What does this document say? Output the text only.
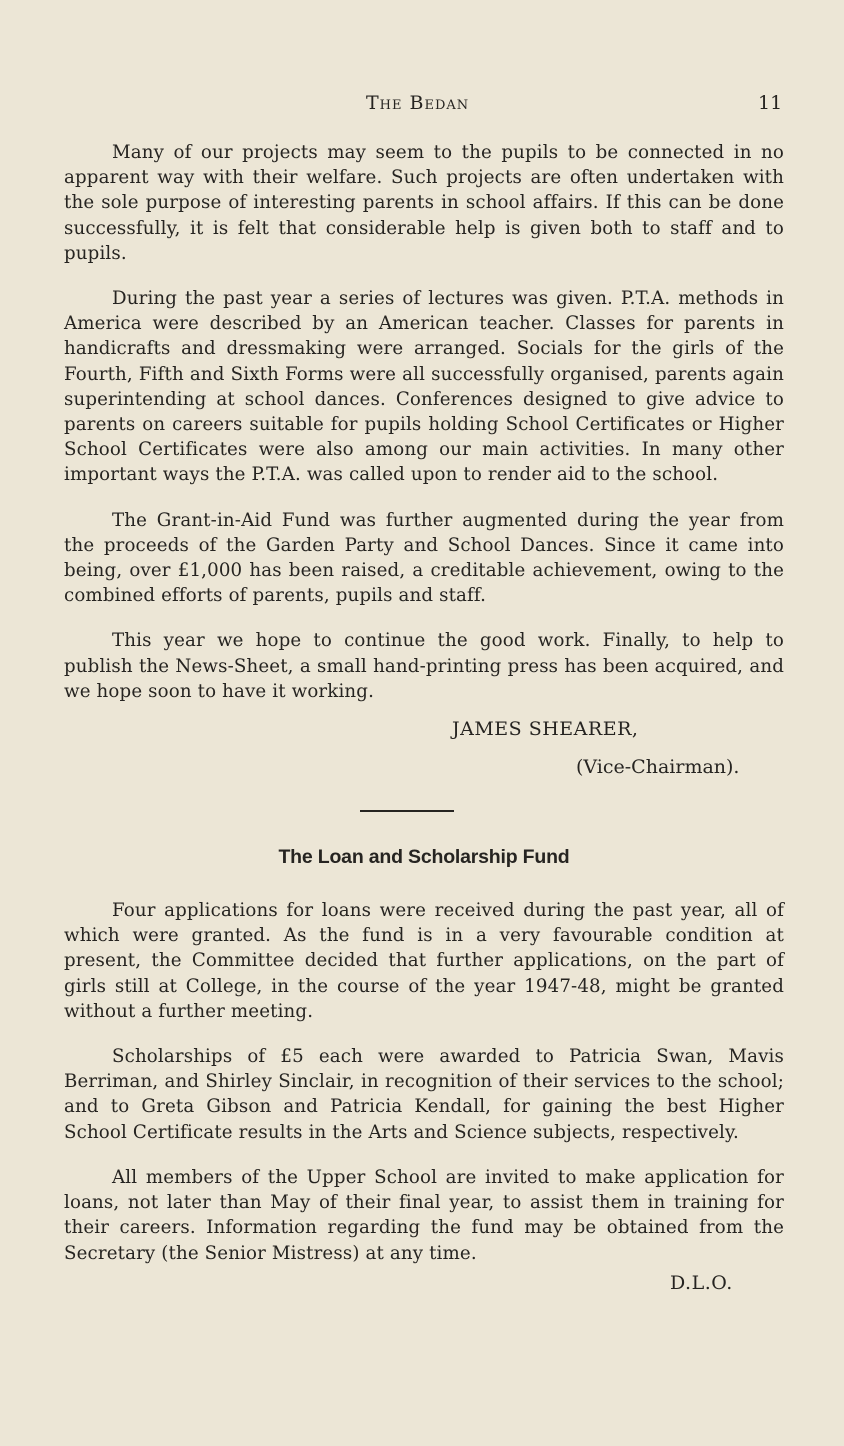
The Bedan	11

Many of our projects may seem to the pupils to be connected in no apparent way with their welfare. Such projects are often undertaken with the sole purpose of interesting parents in school affairs. If this can be done successfully, it is felt that considerable help is given both to staff and to pupils.

During the past year a series of lectures was given. P.T.A. methods in America were described by an American teacher. Classes for parents in handicrafts and dressmaking were arranged. Socials for the girls of the Fourth, Fifth and Sixth Forms were all successfully organised, parents again superintending at school dances. Conferences designed to give advice to parents on careers suitable for pupils holding School Certificates or Higher School Certificates were also among our main activities. In many other important ways the P.T.A. was called upon to render aid to the school.

The Grant-in-Aid Fund was further augmented during the year from the proceeds of the Garden Party and School Dances. Since it came into being, over £1,000 has been raised, a creditable achievement, owing to the combined efforts of parents, pupils and staff.

This year we hope to continue the good work. Finally, to help to publish the News-Sheet, a small hand-printing press has been acquired, and we hope soon to have it working.

JAMES SHEARER,

(Vice-Chairman).

The Loan and Scholarship Fund

Four applications for loans were received during the past year, all of which were granted. As the fund is in a very favourable condition at present, the Committee decided that further applications, on the part of girls still at College, in the course of the year 1947-48, might be granted without a further meeting.

Scholarships of £5 each were awarded to Patricia Swan, Mavis Berriman, and Shirley Sinclair, in recognition of their services to the school; and to Greta Gibson and Patricia Kendall, for gaining the best Higher School Certificate results in the Arts and Science subjects, respectively.

All members of the Upper School are invited to make application for loans, not later than May of their final year, to assist them in training for their careers. Information regarding the fund may be obtained from the Secretary (the Senior Mistress) at any time.

D.L.O.
